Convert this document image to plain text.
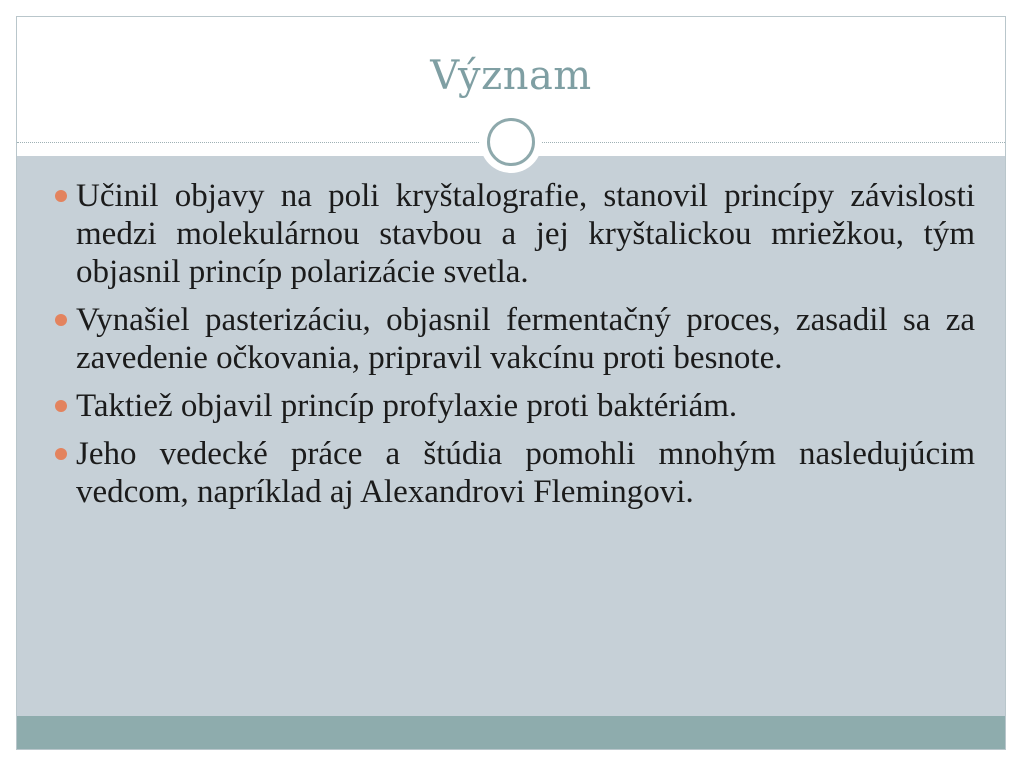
Význam
Učinil objavy na poli kryštalografie, stanovil princípy závislosti medzi molekulárnou stavbou a jej kryštalickou mriežkou, tým objasnil princíp polarizácie svetla.
Vynašiel pasterizáciu, objasnil fermentačný proces, zasadil sa za zavedenie očkovania, pripravil vakcínu proti besnote.
Taktiež objavil princíp profylaxie proti baktériám.
Jeho vedecké práce a štúdia pomohli mnohým nasledujúcim vedcom, napríklad aj Alexandrovi Flemingovi.
